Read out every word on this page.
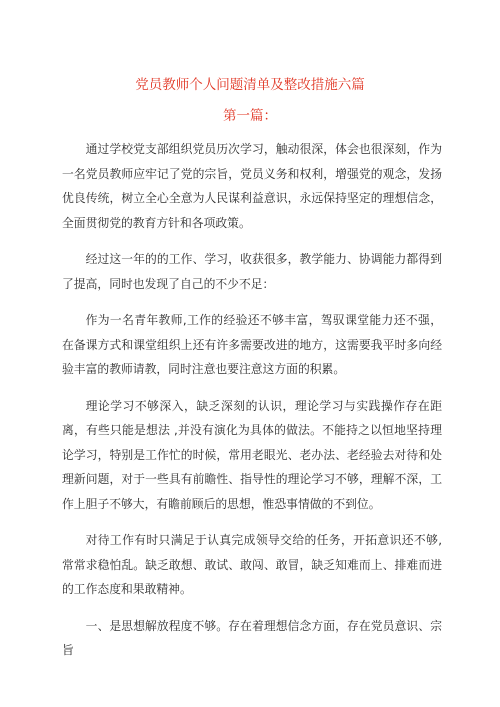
党员教师个人问题清单及整改措施六篇
第一篇：

通过学校党支部组织党员历次学习，触动很深，体会也很深刻，作为一名党员教师应牢记了党的宗旨，党员义务和权利，增强党的观念，发扬优良传统，树立全心全意为人民谋利益意识，永远保持坚定的理想信念，全面贯彻党的教育方针和各项政策。

经过这一年的的工作、学习，收获很多，教学能力、协调能力都得到了提高，同时也发现了自己的不少不足：

作为一名青年教师,工作的经验还不够丰富，驾驭课堂能力还不强，在备课方式和课堂组织上还有许多需要改进的地方，这需要我平时多向经验丰富的教师请教，同时注意也要注意这方面的积累。

理论学习不够深入，缺乏深刻的认识，理论学习与实践操作存在距离，有些只能是想法 ,并没有演化为具体的做法。不能持之以恒地坚持理论学习，特别是工作忙的时候，常用老眼光、老办法、老经验去对待和处理新问题，对于一些具有前瞻性、指导性的理论学习不够，理解不深，工作上胆子不够大，有瞻前顾后的思想，惟恐事情做的不到位。

对待工作有时只满足于认真完成领导交给的任务，开拓意识还不够,常常求稳怕乱。缺乏敢想、敢试、敢闯、敢冒，缺乏知难而上、排难而进的工作态度和果敢精神。

一、是思想解放程度不够。存在着理想信念方面，存在党员意识、宗旨
